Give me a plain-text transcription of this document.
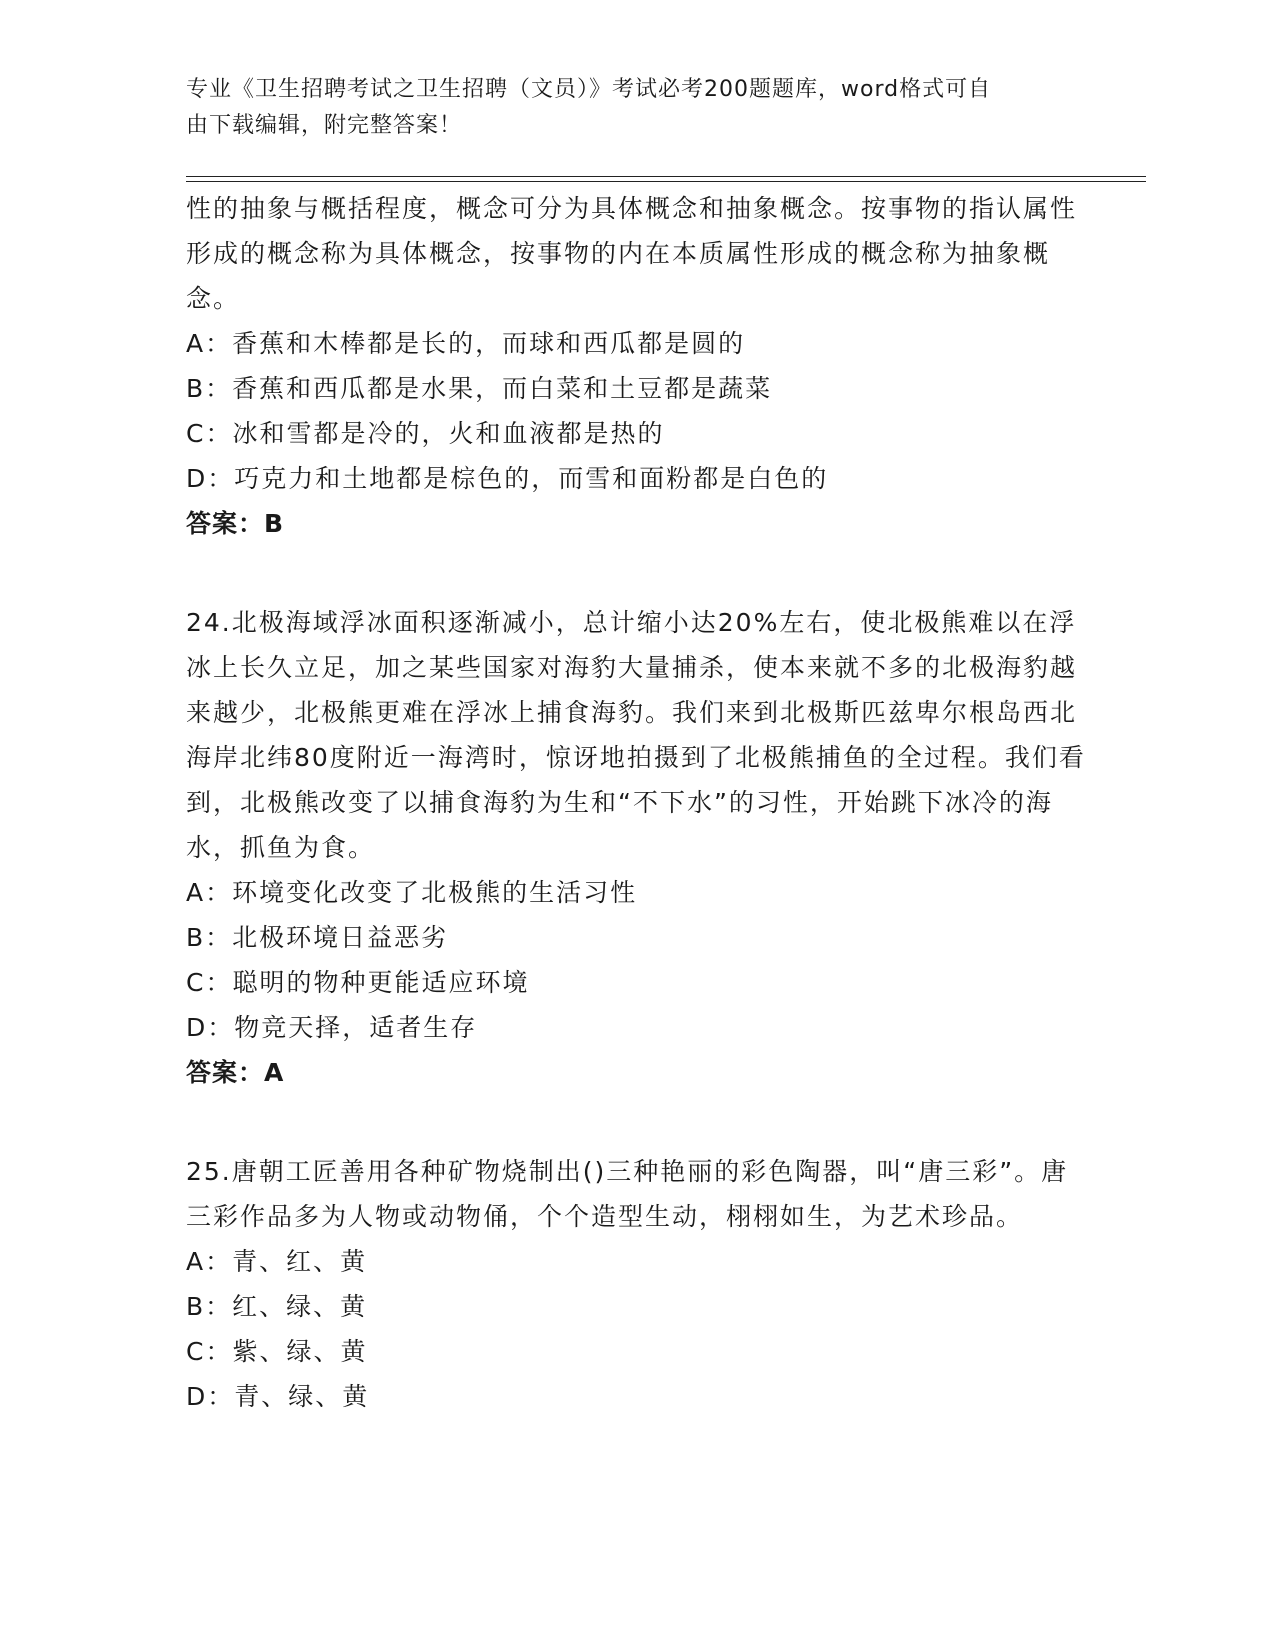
专业《卫生招聘考试之卫生招聘（文员）》考试必考200题题库，word格式可自
由下载编辑，附完整答案！

性的抽象与概括程度，概念可分为具体概念和抽象概念。按事物的指认属性形成的概念称为具体概念，按事物的内在本质属性形成的概念称为抽象概念。

A：香蕉和木棒都是长的，而球和西瓜都是圆的

B：香蕉和西瓜都是水果，而白菜和土豆都是蔬菜

C：冰和雪都是冷的，火和血液都是热的

D：巧克力和土地都是棕色的，而雪和面粉都是白色的

答案：B

24.北极海域浮冰面积逐渐减小，总计缩小达20%左右，使北极熊难以在浮冰上长久立足，加之某些国家对海豹大量捕杀，使本来就不多的北极海豹越来越少，北极熊更难在浮冰上捕食海豹。我们来到北极斯匹兹卑尔根岛西北海岸北纬80度附近一海湾时，惊讶地拍摄到了北极熊捕鱼的全过程。我们看到，北极熊改变了以捕食海豹为生和“不下水”的习性，开始跳下冰冷的海水，抓鱼为食。

A：环境变化改变了北极熊的生活习性

B：北极环境日益恶劣

C：聪明的物种更能适应环境

D：物竞天择，适者生存

答案：A

25.唐朝工匠善用各种矿物烧制出()三种艳丽的彩色陶器，叫“唐三彩”。唐三彩作品多为人物或动物俑，个个造型生动，栩栩如生，为艺术珍品。

A：青、红、黄

B：红、绿、黄

C：紫、绿、黄

D：青、绿、黄
